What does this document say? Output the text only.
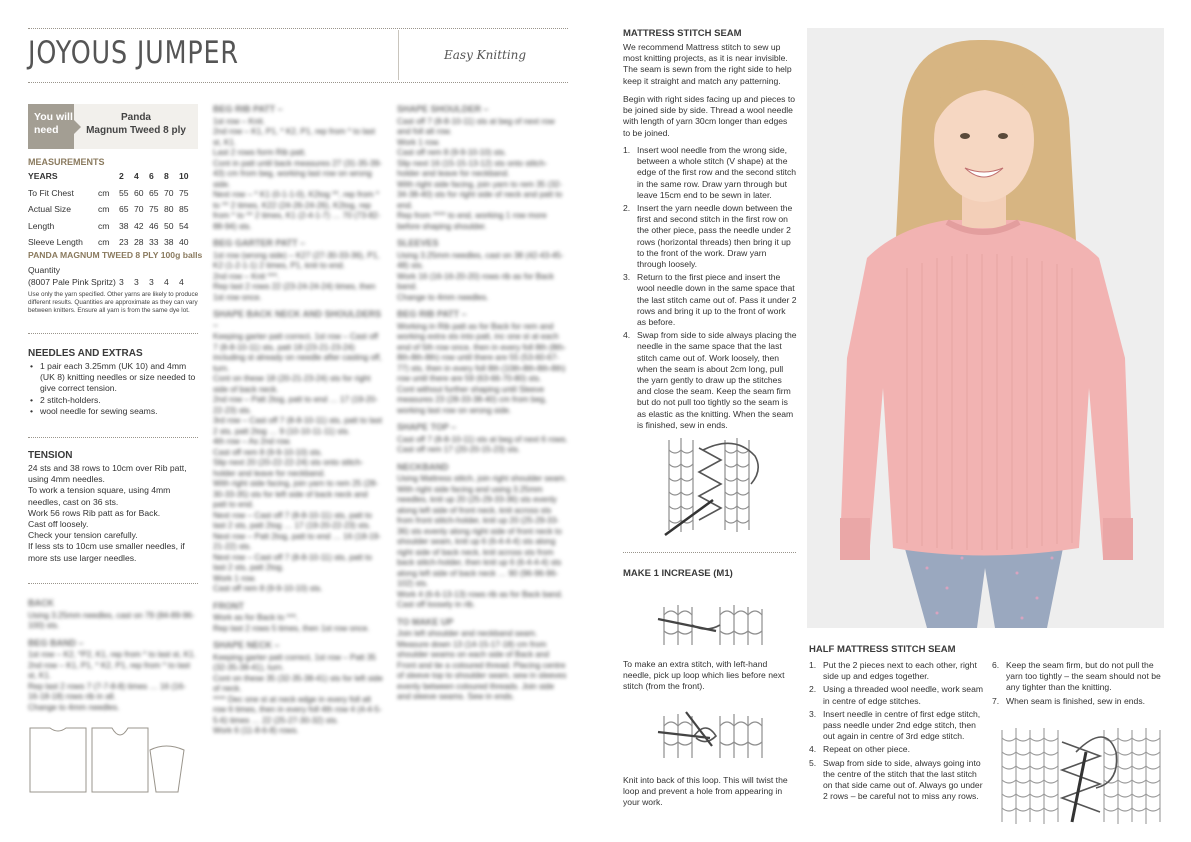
JOYOUS JUMPER	Easy Knitting
You will need
Panda
Magnum Tweed 8 ply
MEASUREMENTS
YEARS		2	4	6	8	10
To Fit Chest	cm	55	60	65	70	75
Actual Size	cm	65	70	75	80	85
Length	cm	38	42	46	50	54
Sleeve Length	cm	23	28	33	38	40
PANDA MAGNUM TWEED 8 PLY 100g balls
Quantity
(8007 Pale Pink Spritz) 3 3 3 4 4
Use only the yarn specified. Other yarns are likely to produce different results. Quantities are approximate as they can vary between knitters. Ensure all yarn is from the same dye lot.
NEEDLES AND EXTRAS
• 1 pair each 3.25mm (UK 10) and 4mm (UK 8) knitting needles or size needed to give correct tension.
• 2 stitch-holders.
• wool needle for sewing seams.
TENSION
24 sts and 38 rows to 10cm over Rib patt, using 4mm needles.
To work a tension square, using 4mm needles, cast on 36 sts.
Work 56 rows Rib patt as for Back.
Cast off loosely.
Check your tension carefully.
If less sts to 10cm use smaller needles, if more sts use larger needles.
BACK
Using 3.25mm needles, cast on 79 (84-89-96-100) sts.
BEG BAND –
1st row – K2, *P2, K1, rep from * to last st, K1.
2nd row – K1, P1, * K2, P1, rep from * to last st, K1.
Rep last 2 rows 7 (7-7-8-8) times … 16 (16-16-18-18) rows rib in all.
Change to 4mm needles.
BEG RIB PATT –
1st row – Knit.
2nd row – K1, P1, * K2, P1, rep from * to last st, K1.
Last 2 rows form Rib patt.
Cont in patt until back measures 27 (31-35-39-43) cm from beg, working last row on wrong side.
Next row – * K1 (0-1-1-0), K2tog **, rep from * to ** 2 times, K22 (24-26-24-26), K2tog, rep from * to ** 2 times, K1 (2-4-1-7) … 70 (73-82-88-94) sts.
BEG GARTER PATT –
1st row (wrong side) – K27 (27-30-33-36), P1, K2 (1-2-1-1) 2 times, P1, knit to end.
2nd row – Knit ***.
Rep last 2 rows 22 (23-24-24-24) times, then 1st row once.
SHAPE BACK NECK AND SHOULDERS –
Keeping garter patt correct, 1st row – Cast off 7 (8-8-10-11) sts, patt 18 (23-21-23-24) including st already on needle after casting off, turn.
Cont on these 18 (20-21-23-24) sts for right side of back neck.
2nd row – Patt 2tog, patt to end … 17 (19-20-22-23) sts.
3rd row – Cast off 7 (8-8-10-11) sts, patt to last 2 sts, patt 2tog … 9 (10-10-11-11) sts.
4th row – As 2nd row.
Cast off rem 8 (9-9-10-10) sts.
Slip next 20 (20-22-22-24) sts onto stitch-holder and leave for neckband.
With right side facing, join yarn to rem 25 (28-30-33-35) sts for left side of back neck and patt to end.
Next row – Cast off 7 (8-8-10-11) sts, patt to last 2 sts, patt 2tog … 17 (19-20-22-23) sts.
Next row – Patt 2tog, patt to end … 16 (18-19-21-22) sts.
Next row – Cast off 7 (8-8-10-11) sts, patt to last 2 sts, patt 2tog.
Work 1 row.
Cast off rem 8 (9-9-10-10) sts.
FRONT
Work as for Back to ***.
Rep last 2 rows 5 times, then 1st row once.
SHAPE NECK –
Keeping garter patt correct, 1st row – Patt 35 (32-35-38-41), turn.
Cont on these 35 (32-35-38-41) sts for left side of neck.
**** Dec one st at neck edge in every foll alt row 6 times, then in every foll 4th row 4 (4-4-5-5-6) times … 22 (25-27-30-32) sts.
Work 6 (11-8-6-8) rows.
SHAPE SHOULDER –
Cast off 7 (8-8-10-11) sts at beg of next row and foll alt row.
Work 1 row.
Cast off rem 8 (9-9-10-10) sts.
Slip next 16 (15-15-13-12) sts onto stitch-holder and leave for neckband.
With right side facing, join yarn to rem 35 (32-34-38-40) sts for right side of neck and patt to end.
Rep from **** to end, working 1 row more before shaping shoulder.
SLEEVES
Using 3.25mm needles, cast on 38 (42-43-45-48) sts.
Work 16 (16-16-20-20) rows rib as for Back band.
Change to 4mm needles.
BEG RIB PATT –
Working in Rib patt as for Back for rem and working extra sts into patt, inc one st at each end of 5th row once, then in every foll 8th (8th-8th-8th-8th) row until there are 55 (53-60-67-77) sts, then in every foll 8th (10th-8th-8th-8th) row until there are 59 (63-66-70-80) sts.
Cont without further shaping until Sleeve measures 23 (28-33-38-40) cm from beg, working last row on wrong side.
SHAPE TOP –
Cast off 7 (8-8-10-11) sts at beg of next 6 rows.
Cast off rem 17 (20-20-15-23) sts.
NECKBAND
Using Mattress stitch, join right shoulder seam. With right side facing and using 3.25mm needles, knit up 20 (25-29-33-36) sts evenly along left side of front neck, knit across sts from front stitch-holder, knit up 20 (25-29-33-36) sts evenly along right side of front neck to shoulder seam, knit up 6 (6-4-4-4) sts along right side of back neck, knit across sts from back stitch-holder, then knit up 6 (6-4-4-4) sts along left side of back neck … 90 (96-96-96-102) sts.
Work 4 (6-6-13-13) rows rib as for Back band.
Cast off loosely in rib.
TO MAKE UP
Join left shoulder and neckband seam. Measure down 13 (14-15-17-18) cm from shoulder seams on each side of Back and Front and tie a coloured thread. Placing centre of sleeve top to shoulder seam, sew in sleeves evenly between coloured threads. Join side and sleeve seams. Sew in ends.
MATTRESS STITCH SEAM
We recommend Mattress stitch to sew up most knitting projects, as it is near invisible. The seam is sewn from the right side to help keep it straight and match any patterning.
Begin with right sides facing up and pieces to be joined side by side. Thread a wool needle with length of yarn 30cm longer than edges to be joined.
1. Insert wool needle from the wrong side, between a whole stitch (V shape) at the edge of the first row and the second stitch in the same row. Draw yarn through but leave 15cm end to be sewn in later.
2. Insert the yarn needle down between the first and second stitch in the first row on the other piece, pass the needle under 2 rows (horizontal threads) then bring it up to the front of the work. Draw yarn through loosely.
3. Return to the first piece and insert the wool needle down in the same space that the last stitch came out of. Pass it under 2 rows and bring it up to the front of work as before.
4. Swap from side to side always placing the needle in the same space that the last stitch came out of. Work loosely, then when the seam is about 2cm long, pull the yarn gently to draw up the stitches and close the seam. Keep the seam firm but do not pull too tightly so the seam is as elastic as the knitting. When the seam is finished, sew in ends.
MAKE 1 INCREASE (M1)
To make an extra stitch, with left-hand needle, pick up loop which lies before next stitch (from the front).
Knit into back of this loop. This will twist the loop and prevent a hole from appearing in your work.
HALF MATTRESS STITCH SEAM
1. Put the 2 pieces next to each other, right side up and edges together.
2. Using a threaded wool needle, work seam in centre of edge stitches.
3. Insert needle in centre of first edge stitch, pass needle under 2nd edge stitch, then out again in centre of 3rd edge stitch.
4. Repeat on other piece.
5. Swap from side to side, always going into the centre of the stitch that the last stitch on that side came out of. Always go under 2 rows – be careful not to miss any rows.
6. Keep the seam firm, but do not pull the yarn too tightly – the seam should not be any tighter than the knitting.
7. When seam is finished, sew in ends.
